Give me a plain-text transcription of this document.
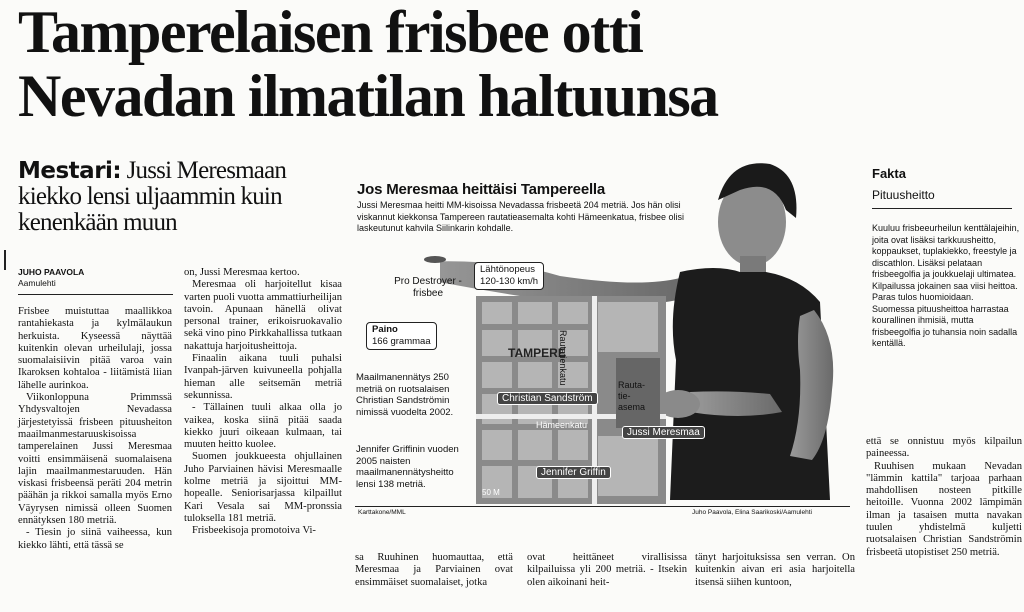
Tamperelaisen frisbee otti
Nevadan ilmatilan haltuunsa
Mestari: Jussi Meresmaan kiekko lensi uljaammin kuin kenenkään muun
JUHO PAAVOLA
Aamulehti

Frisbee muistuttaa maallikkoa rantahiekasta ja kylmälaukun herkuista. Kyseessä näyttää kuitenkin olevan urheilulaji, jossa suomalaisiivin pitää varoa vain Ikaroksen kohtaloa - liitämistä liian lähelle aurinkoa.

Viikonloppuna Primmssä Yhdysvaltojen Nevadassa järjestetyissä frisbeen pituusheiton maailmanmestaruuskisoissa tamperelainen Jussi Meresmaa voitti ensimmäisenä suomalaisena lajin maailmanmestaruuden. Hän viskasi frisbeensä peräti 204 metrin päähän ja rikkoi samalla myös Erno Väyrysen nimissä olleen Suomen ennätyksen 180 metriä.

- Tiesin jo siinä vaiheessa, kun kiekko lähti, että tässä se

on, Jussi Meresmaa kertoo.

Meresmaa oli harjoitellut kisaa varten puoli vuotta ammattiurheilijan tavoin. Apunaan hänellä olivat personal trainer, erikoisruokavalio sekä vino pino Pirkkahallissa tutkaan nakattuja harjoitusheittoja.

Finaalin aikana tuuli puhalsi Ivanpah-järven kuivuneella pohjalla hieman alle seitsemän metriä sekunnissa.

- Tällainen tuuli alkaa olla jo vaikea, koska siinä pitää saada kiekko juuri oikeaan kulmaan, tai muuten heitto kuolee.

Suomen joukkueesta ohjullainen Juho Parviainen hävisi Meresmaalle kolme metriä ja sijoittui MM-hopealle. Seniorisarjassa kilpaillut Kari Vesala sai MM-pronssia tuloksella 181 metriä.

Frisbeekisoja promotoiva Vi-

Jos Meresmaa heittäisi Tampereella
Jussi Meresmaa heitti MM-kisoissa Nevadassa frisbeetä 204 metriä. Jos hän olisi viskannut kiekkonsa Tampereen rautatieasemalta kohti Hämeenkatua, frisbee olisi laskeutunut kahvila Siilinkarin kohdalle.
TAMPERE
Rautatienkatu	Rauta-tie-asema
Hämeenkatu
Christian Sandström
Jussi Meresmaa
Jennifer Griffin
50 M
Pro Destroyer -frisbee
Lähtönopeus
120-130 km/h
Paino
166 grammaa
Maailmanennätys 250 metriä on ruotsalaisen Christian Sandströmin nimissä vuodelta 2002.
Jennifer Griffinin vuoden 2005 naisten maailmanennätysheitto lensi 138 metriä.
Karttakone/MML	Juho Paavola, Elina Saarikoski/Aamulehti

sa Ruuhinen huomauttaa, että Meresmaa ja Parviainen ovat ensimmäiset suomalaiset, jotka

ovat heittäneet virallisissa kilpailuissa yli 200 metriä. - Itsekin olen aikoinani heit-

tänyt harjoituksissa sen verran. On kuitenkin aivan eri asia harjoitella itsensä siihen kuntoon,

Fakta
Pituusheitto

Kuuluu frisbeeurheilun kenttälajeihin, joita ovat lisäksi tarkkuusheitto, koppaukset, tuplakiekko, freestyle ja discathlon. Lisäksi pelataan frisbeegolfia ja joukkuelaji ultimatea.

Kilpailussa jokainen saa viisi heittoa. Paras tulos huomioidaan.

Suomessa pituusheittoa harrastaa kourallinen ihmisiä, mutta frisbeegolfia jo tuhansia noin sadalla kentällä.

että se onnistuu myös kilpailun paineessa.

Ruuhisen mukaan Nevadan "lämmin kattila" tarjoaa parhaan mahdollisen nosteen pitkille heitoille. Vuonna 2002 lämpimän ilman ja tasaisen mutta navakan tuulen yhdistelmä kuljetti ruotsalaisen Christian Sandströmin frisbeetä utopistiset 250 metriä.
